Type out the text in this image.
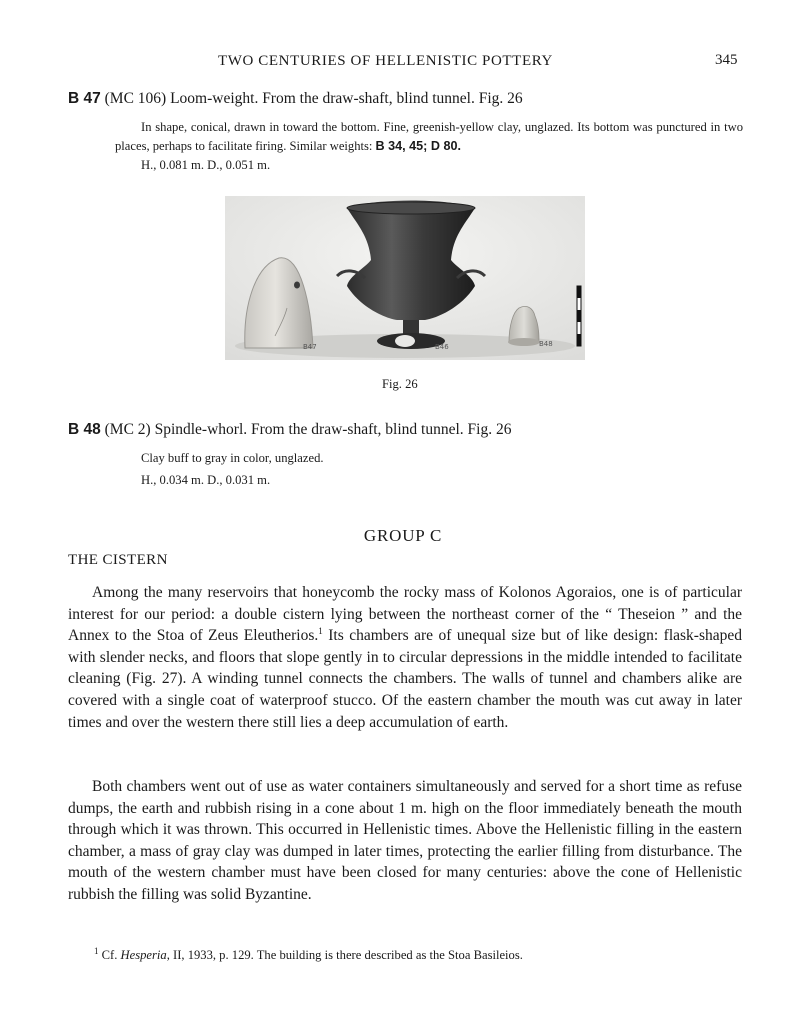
TWO CENTURIES OF HELLENISTIC POTTERY	345
B 47 (MC 106) Loom-weight. From the draw-shaft, blind tunnel. Fig. 26
In shape, conical, drawn in toward the bottom. Fine, greenish-yellow clay, unglazed. Its bottom was punctured in two places, perhaps to facilitate firing. Similar weights: B 34, 45; D 80.
H., 0.081 m. D., 0.051 m.
B47	B46	B48
Fig. 26
B 48 (MC 2) Spindle-whorl. From the draw-shaft, blind tunnel. Fig. 26
Clay buff to gray in color, unglazed.
H., 0.034 m. D., 0.031 m.
GROUP C
THE CISTERN

Among the many reservoirs that honeycomb the rocky mass of Kolonos Agoraios, one is of particular interest for our period: a double cistern lying between the northeast corner of the “ Theseion ” and the Annex to the Stoa of Zeus Eleutherios.$^1$ Its chambers are of unequal size but of like design: flask-shaped with slender necks, and floors that slope gently in to circular depressions in the middle intended to facilitate cleaning (Fig. 27). A winding tunnel connects the chambers. The walls of tunnel and chambers alike are covered with a single coat of waterproof stucco. Of the eastern chamber the mouth was cut away in later times and over the western there still lies a deep accumulation of earth.

Both chambers went out of use as water containers simultaneously and served for a short time as refuse dumps, the earth and rubbish rising in a cone about 1 m. high on the floor immediately beneath the mouth through which it was thrown. This occurred in Hellenistic times. Above the Hellenistic filling in the eastern chamber, a mass of gray clay was dumped in later times, protecting the earlier filling from disturbance. The mouth of the western chamber must have been closed for many centuries: above the cone of Hellenistic rubbish the filling was solid Byzantine.

$^1$ Cf. Hesperia, II, 1933, p. 129. The building is there described as the Stoa Basileios.
